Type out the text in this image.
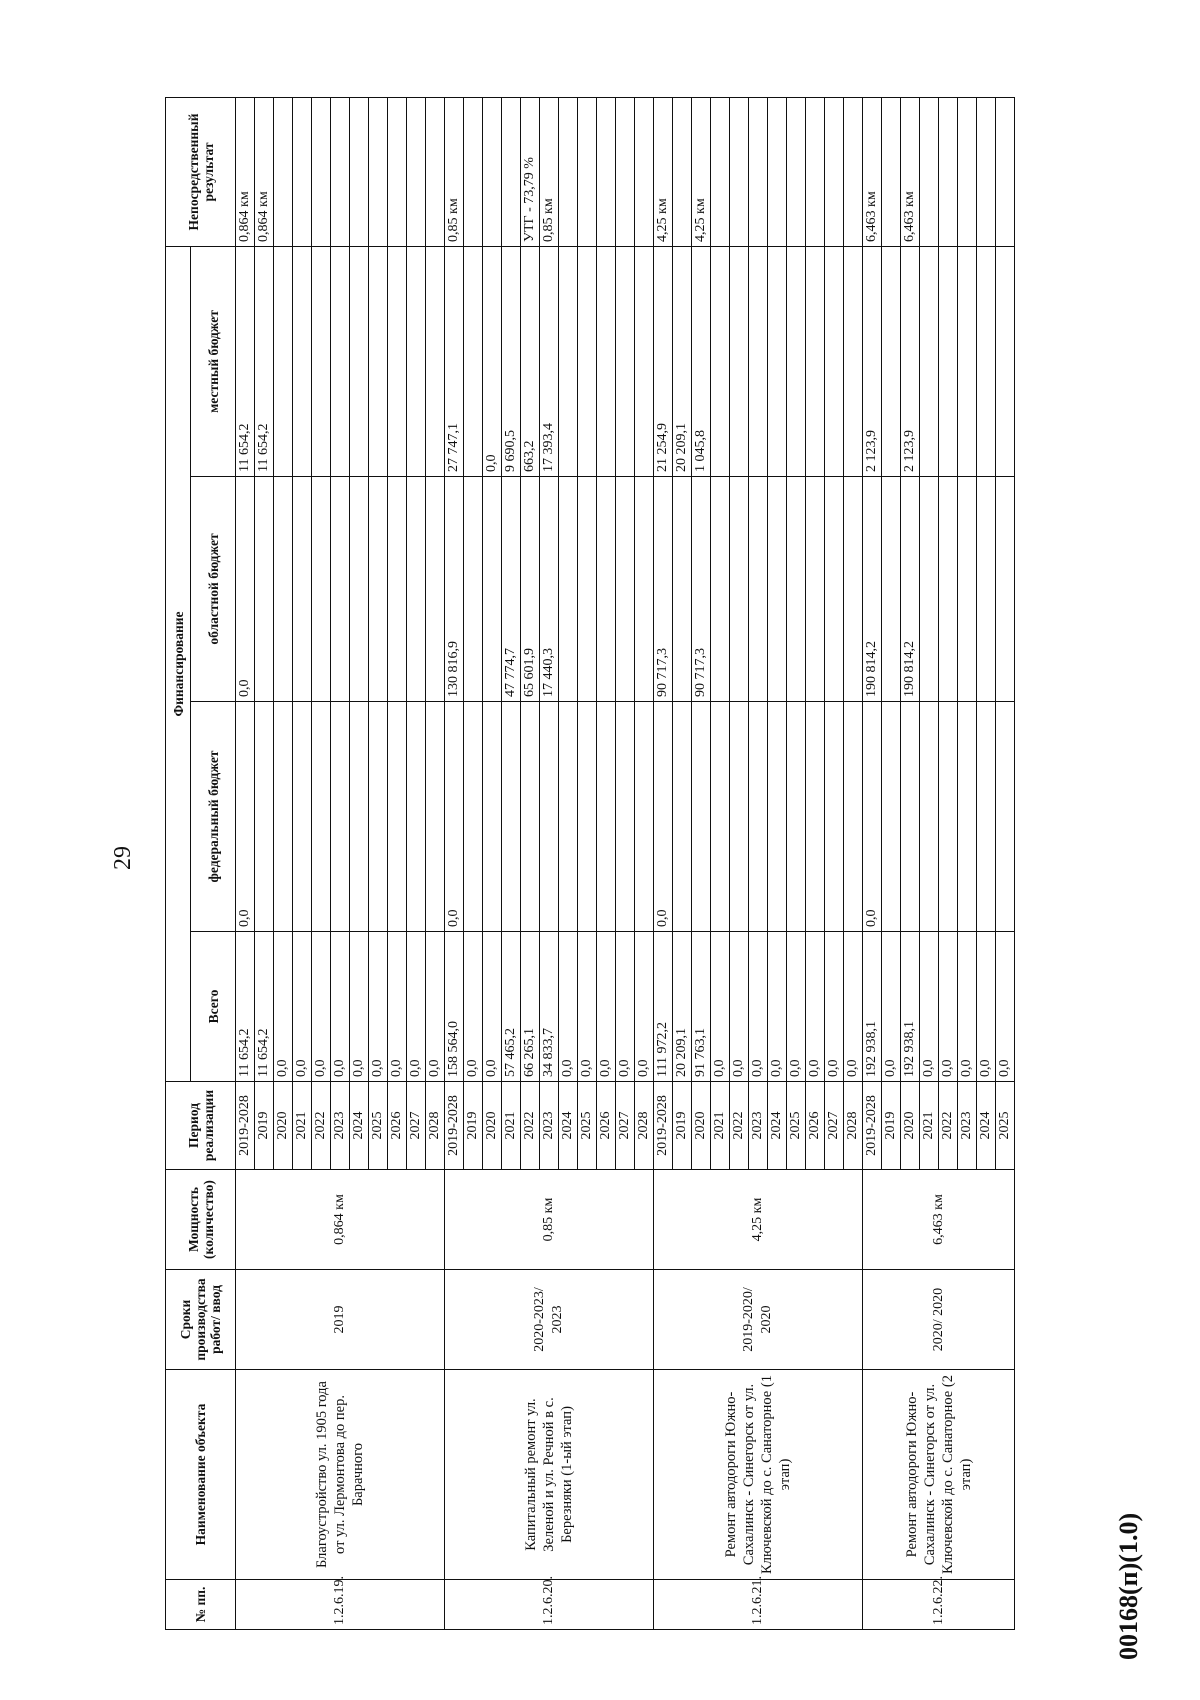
29
№ пп.	Наименование объекта	Сроки производства работ/ ввод	Мощность (количество)	Период реализации	Финансирование				Непосредственный результат
					Всего	федеральный бюджет	областной бюджет	местный бюджет	
1.2.6.19.	Благоустройство ул. 1905 года от ул. Лермонтова до пер. Барачного	2019	0,864 км	2019-2028	11 654,2	0,0	0,0	11 654,2	0,864 км
				2019	11 654,2			11 654,2	0,864 км
				2020	0,0				
				2021	0,0				
				2022	0,0				
				2023	0,0				
				2024	0,0				
				2025	0,0				
				2026	0,0				
				2027	0,0				
				2028	0,0				
1.2.6.20.	Капитальный ремонт ул. Зеленой и ул. Речной в с. Березняки (1-ый этап)	2020-2023/ 2023	0,85 км	2019-2028	158 564,0	0,0	130 816,9	27 747,1	0,85 км
				2019	0,0				
				2020	0,0			0,0	
				2021	57 465,2		47 774,7	9 690,5	
				2022	66 265,1		65 601,9	663,2	УТГ - 73,79 %
				2023	34 833,7		17 440,3	17 393,4	0,85 км
				2024	0,0				
				2025	0,0				
				2026	0,0				
				2027	0,0				
				2028	0,0				
1.2.6.21.	Ремонт автодороги Южно-Сахалинск - Синегорск от ул. Ключевской до с. Санаторное (1 этап)	2019-2020/ 2020	4,25 км	2019-2028	111 972,2	0,0	90 717,3	21 254,9	4,25 км
				2019	20 209,1			20 209,1	
				2020	91 763,1		90 717,3	1 045,8	4,25 км
				2021	0,0				
				2022	0,0				
				2023	0,0				
				2024	0,0				
				2025	0,0				
				2026	0,0				
				2027	0,0				
				2028	0,0				
1.2.6.22.	Ремонт автодороги Южно-Сахалинск - Синегорск от ул. Ключевской до с. Санаторное (2 этап)	2020/ 2020	6,463 км	2019-2028	192 938,1	0,0	190 814,2	2 123,9	6,463 км
				2019	0,0				
				2020	192 938,1		190 814,2	2 123,9	6,463 км
				2021	0,0				
				2022	0,0				
				2023	0,0				
				2024	0,0				
				2025	0,0				
00168(п)(1.0)
